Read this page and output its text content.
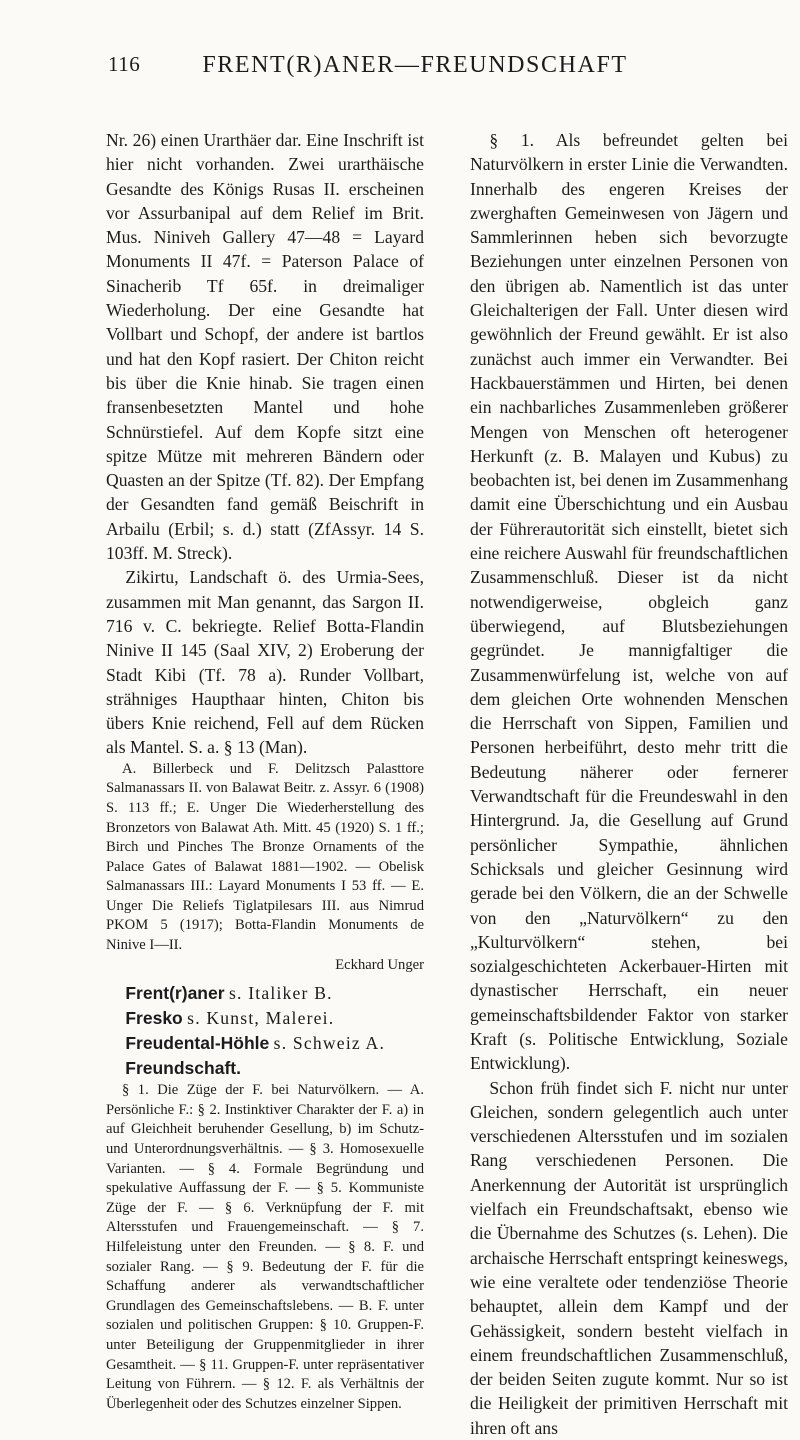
116	FRENT(R)ANER—FREUNDSCHAFT

Nr. 26) einen Urarthäer dar. Eine Inschrift ist hier nicht vorhanden. Zwei urarthäische Gesandte des Königs Rusas II. erscheinen vor Assurbanipal auf dem Relief im Brit. Mus. Niniveh Gallery 47—48 = Layard Monuments II 47f. = Paterson Palace of Sinacherib Tf 65f. in dreimaliger Wiederholung. Der eine Gesandte hat Vollbart und Schopf, der andere ist bartlos und hat den Kopf rasiert. Der Chiton reicht bis über die Knie hinab. Sie tragen einen fransenbesetzten Mantel und hohe Schnürstiefel. Auf dem Kopfe sitzt eine spitze Mütze mit mehreren Bändern oder Quasten an der Spitze (Tf. 82). Der Empfang der Gesandten fand gemäß Beischrift in Arbailu (Erbil; s. d.) statt (ZfAssyr. 14 S. 103ff. M. Streck).

Zikirtu, Landschaft ö. des Urmia-Sees, zusammen mit Man genannt, das Sargon II. 716 v. C. bekriegte. Relief Botta-Flandin Ninive II 145 (Saal XIV, 2) Eroberung der Stadt Kibi (Tf. 78 a). Runder Vollbart, strähniges Haupthaar hinten, Chiton bis übers Knie reichend, Fell auf dem Rücken als Mantel. S. a. § 13 (Man).

A. Billerbeck und F. Delitzsch Palasttore Salmanassars II. von Balawat Beitr. z. Assyr. 6 (1908) S. 113 ff.; E. Unger Die Wiederherstellung des Bronzetors von Balawat Ath. Mitt. 45 (1920) S. 1 ff.; Birch und Pinches The Bronze Ornaments of the Palace Gates of Balawat 1881—1902. — Obelisk Salmanassars III.: Layard Monuments I 53 ff. — E. Unger Die Reliefs Tiglatpilesars III. aus Nimrud PKOM 5 (1917); Botta-Flandin Monuments de Ninive I—II.

Eckhard Unger

Frent(r)aner s. Italiker B.

Fresko s. Kunst, Malerei.

Freudental-Höhle s. Schweiz A.

Freundschaft.

§ 1. Die Züge der F. bei Naturvölkern. — A. Persönliche F.: § 2. Instinktiver Charakter der F. a) in auf Gleichheit beruhender Gesellung, b) im Schutz- und Unterordnungsverhältnis. — § 3. Homosexuelle Varianten. — § 4. Formale Begründung und spekulative Auffassung der F. — § 5. Kommuniste Züge der F. — § 6. Verknüpfung der F. mit Altersstufen und Frauengemeinschaft. — § 7. Hilfeleistung unter den Freunden. — § 8. F. und sozialer Rang. — § 9. Bedeutung der F. für die Schaffung anderer als verwandtschaftlicher Grundlagen des Gemeinschaftslebens. — B. F. unter sozialen und politischen Gruppen: § 10. Gruppen-F. unter Beteiligung der Gruppenmitglieder in ihrer Gesamtheit. — § 11. Gruppen-F. unter repräsentativer Leitung von Führern. — § 12. F. als Verhältnis der Überlegenheit oder des Schutzes einzelner Sippen.

§ 1. Als befreundet gelten bei Naturvölkern in erster Linie die Verwandten. Innerhalb des engeren Kreises der zwerghaften Gemeinwesen von Jägern und Sammlerinnen heben sich bevorzugte Beziehungen unter einzelnen Personen von den übrigen ab. Namentlich ist das unter Gleichalterigen der Fall. Unter diesen wird gewöhnlich der Freund gewählt. Er ist also zunächst auch immer ein Verwandter. Bei Hackbauerstämmen und Hirten, bei denen ein nachbarliches Zusammenleben größerer Mengen von Menschen oft heterogener Herkunft (z. B. Malayen und Kubus) zu beobachten ist, bei denen im Zusammenhang damit eine Überschichtung und ein Ausbau der Führerautorität sich einstellt, bietet sich eine reichere Auswahl für freundschaftlichen Zusammenschluß. Dieser ist da nicht notwendigerweise, obgleich ganz überwiegend, auf Blutsbeziehungen gegründet. Je mannigfaltiger die Zusammenwürfelung ist, welche von auf dem gleichen Orte wohnenden Menschen die Herrschaft von Sippen, Familien und Personen herbeiführt, desto mehr tritt die Bedeutung näherer oder fernerer Verwandtschaft für die Freundeswahl in den Hintergrund. Ja, die Gesellung auf Grund persönlicher Sympathie, ähnlichen Schicksals und gleicher Gesinnung wird gerade bei den Völkern, die an der Schwelle von den „Naturvölkern“ zu den „Kulturvölkern“ stehen, bei sozialgeschichteten Ackerbauer-Hirten mit dynastischer Herrschaft, ein neuer gemeinschaftsbildender Faktor von starker Kraft (s. Politische Entwicklung, Soziale Entwicklung).

Schon früh findet sich F. nicht nur unter Gleichen, sondern gelegentlich auch unter verschiedenen Altersstufen und im sozialen Rang verschiedenen Personen. Die Anerkennung der Autorität ist ursprünglich vielfach ein Freundschaftsakt, ebenso wie die Übernahme des Schutzes (s. Lehen). Die archaische Herrschaft entspringt keineswegs, wie eine veraltete oder tendenziöse Theorie behauptet, allein dem Kampf und der Gehässigkeit, sondern besteht vielfach in einem freundschaftlichen Zusammenschluß, der beiden Seiten zugute kommt. Nur so ist die Heiligkeit der primitiven Herrschaft mit ihren oft ans
